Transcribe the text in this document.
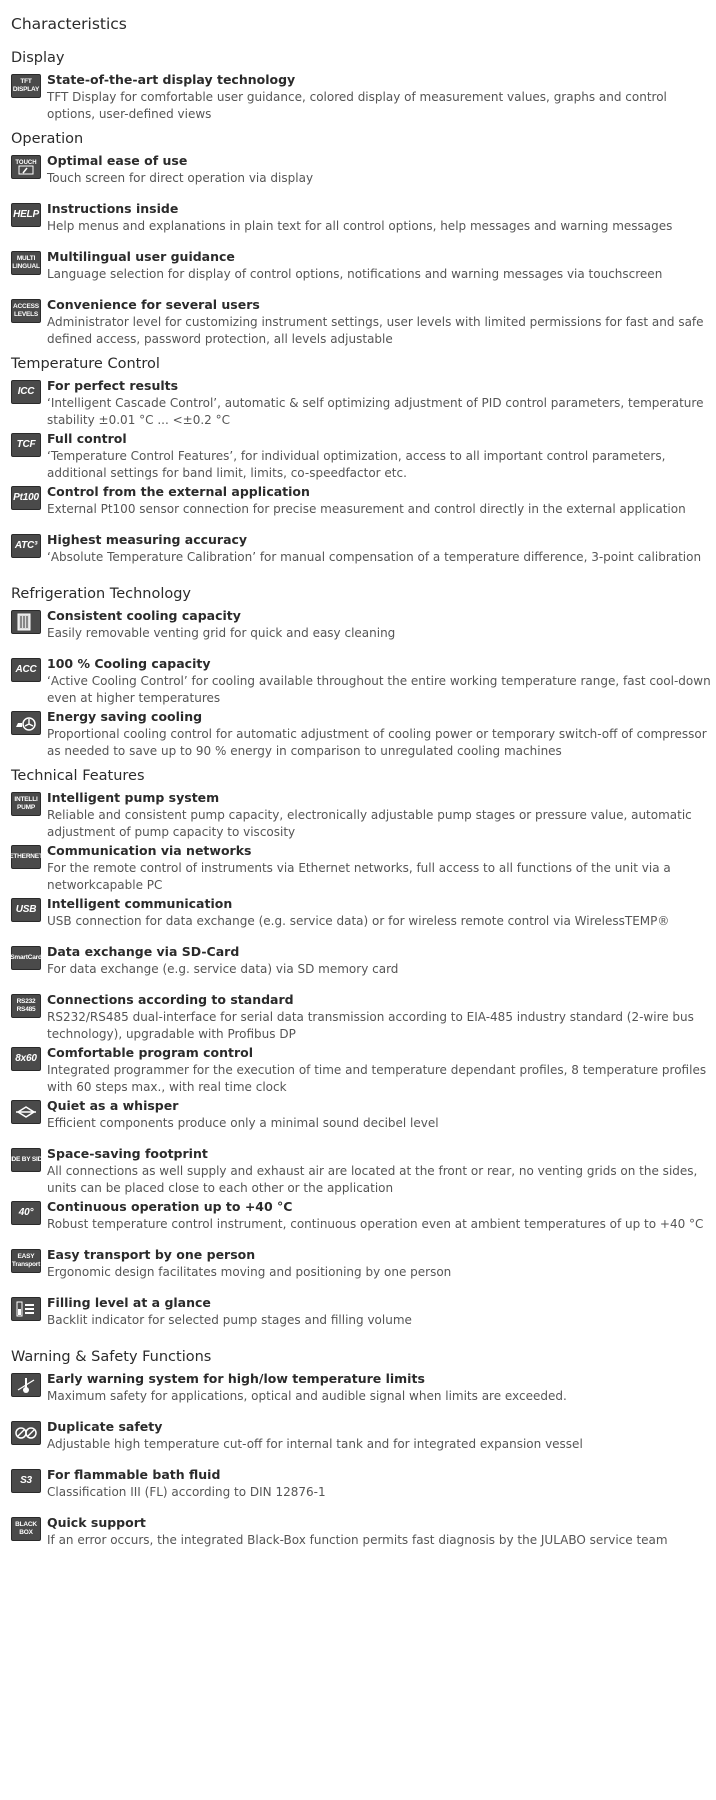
Characteristics
Display
TFT
DISPLAY
State-of-the-art display technology
TFT Display for comfortable user guidance, colored display of measurement values, graphs and control options, user-defined views
Operation
TOUCH Optimal ease of use
Touch screen for direct operation via display
HELP Instructions inside
Help menus and explanations in plain text for all control options, help messages and warning messages
MULTI
LINGUAL
Multilingual user guidance
Language selection for display of control options, notifications and warning messages via touchscreen
ACCESS
LEVELS
Convenience for several users
Administrator level for customizing instrument settings, user levels with limited permissions for fast and safe defined access, password protection, all levels adjustable
Temperature Control
ICC For perfect results
‘Intelligent Cascade Control’, automatic & self optimizing adjustment of PID control parameters, temperature stability ±0.01 °C ... <±0.2 °C
TCF Full control
‘Temperature Control Features’, for individual optimization, access to all important control parameters, additional settings for band limit, limits, co-speedfactor etc.
Pt100 Control from the external application
External Pt100 sensor connection for precise measurement and control directly in the external application
ATC³ Highest measuring accuracy
‘Absolute Temperature Calibration’ for manual compensation of a temperature difference, 3-point calibration
Refrigeration Technology
Consistent cooling capacity
Easily removable venting grid for quick and easy cleaning
ACC 100 % Cooling capacity
‘Active Cooling Control’ for cooling available throughout the entire working temperature range, fast cool-down even at higher temperatures
Energy saving cooling
Proportional cooling control for automatic adjustment of cooling power or temporary switch-off of compressor as needed to save up to 90 % energy in comparison to unregulated cooling machines
Technical Features
INTELLI
PUMP
Intelligent pump system
Reliable and consistent pump capacity, electronically adjustable pump stages or pressure value, automatic adjustment of pump capacity to viscosity
ETHERNET Communication via networks
For the remote control of instruments via Ethernet networks, full access to all functions of the unit via a networkcapable PC
USB Intelligent communication
USB connection for data exchange (e.g. service data) or for wireless remote control via WirelessTEMP®
SmartCard Data exchange via SD-Card
For data exchange (e.g. service data) via SD memory card
RS232
RS485
Connections according to standard
RS232/RS485 dual-interface for serial data transmission according to EIA-485 industry standard (2-wire bus technology), upgradable with Profibus DP
8x60 Comfortable program control
Integrated programmer for the execution of time and temperature dependant profiles, 8 temperature profiles with 60 steps max., with real time clock
Quiet as a whisper
Efficient components produce only a minimal sound decibel level
SIDE BY SIDE Space-saving footprint
All connections as well supply and exhaust air are located at the front or rear, no venting grids on the sides, units can be placed close to each other or the application
40° Continuous operation up to +40 °C
Robust temperature control instrument, continuous operation even at ambient temperatures of up to +40 °C
EASY
Transport
Easy transport by one person
Ergonomic design facilitates moving and positioning by one person
Filling level at a glance
Backlit indicator for selected pump stages and filling volume
Warning & Safety Functions
Early warning system for high/low temperature limits
Maximum safety for applications, optical and audible signal when limits are exceeded.
Duplicate safety
Adjustable high temperature cut-off for internal tank and for integrated expansion vessel
S3 For flammable bath fluid
Classification III (FL) according to DIN 12876-1
BLACK
BOX
Quick support
If an error occurs, the integrated Black-Box function permits fast diagnosis by the JULABO service team
